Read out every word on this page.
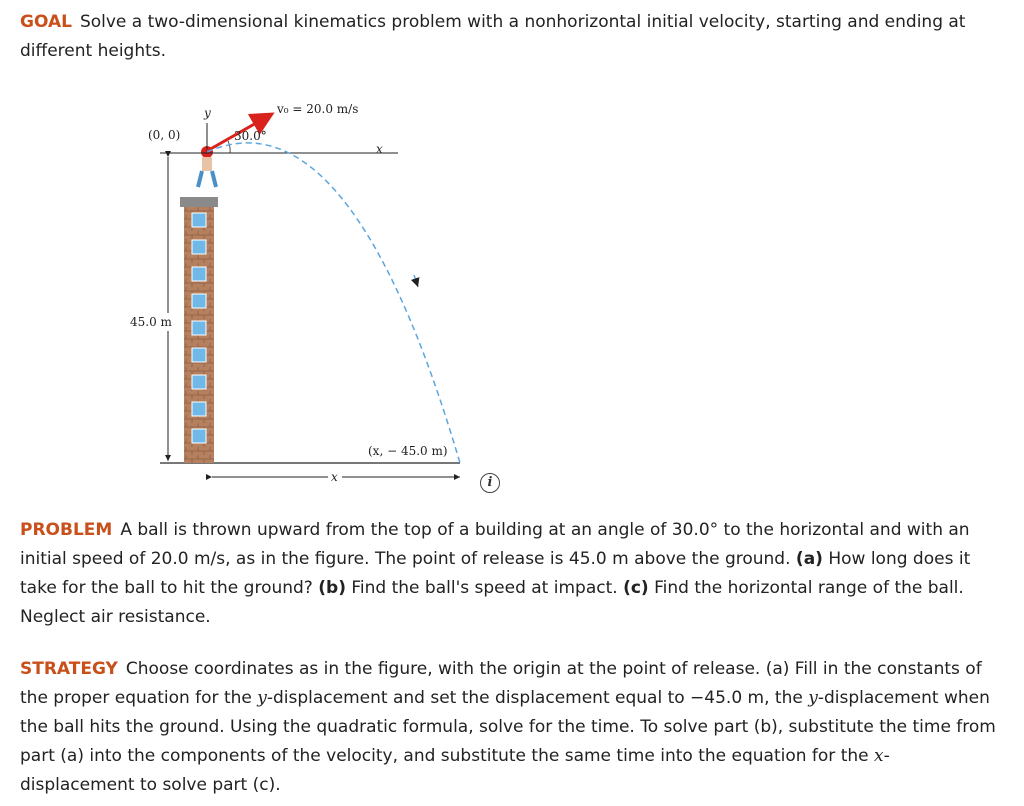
GOAL Solve a two-dimensional kinematics problem with a nonhorizontal initial velocity, starting and ending at different heights.

(0, 0)
y
x
v₀ = 20.0 m/s
30.0°
45.0 m
(x, − 45.0 m)
x	i

PROBLEM A ball is thrown upward from the top of a building at an angle of 30.0° to the horizontal and with an initial speed of 20.0 m/s, as in the figure. The point of release is 45.0 m above the ground. (a) How long does it take for the ball to hit the ground? (b) Find the ball's speed at impact. (c) Find the horizontal range of the ball. Neglect air resistance.

STRATEGY Choose coordinates as in the figure, with the origin at the point of release. (a) Fill in the constants of the proper equation for the y-displacement and set the displacement equal to −45.0 m, the y-displacement when the ball hits the ground. Using the quadratic formula, solve for the time. To solve part (b), substitute the time from part (a) into the components of the velocity, and substitute the same time into the equation for the x-displacement to solve part (c).
